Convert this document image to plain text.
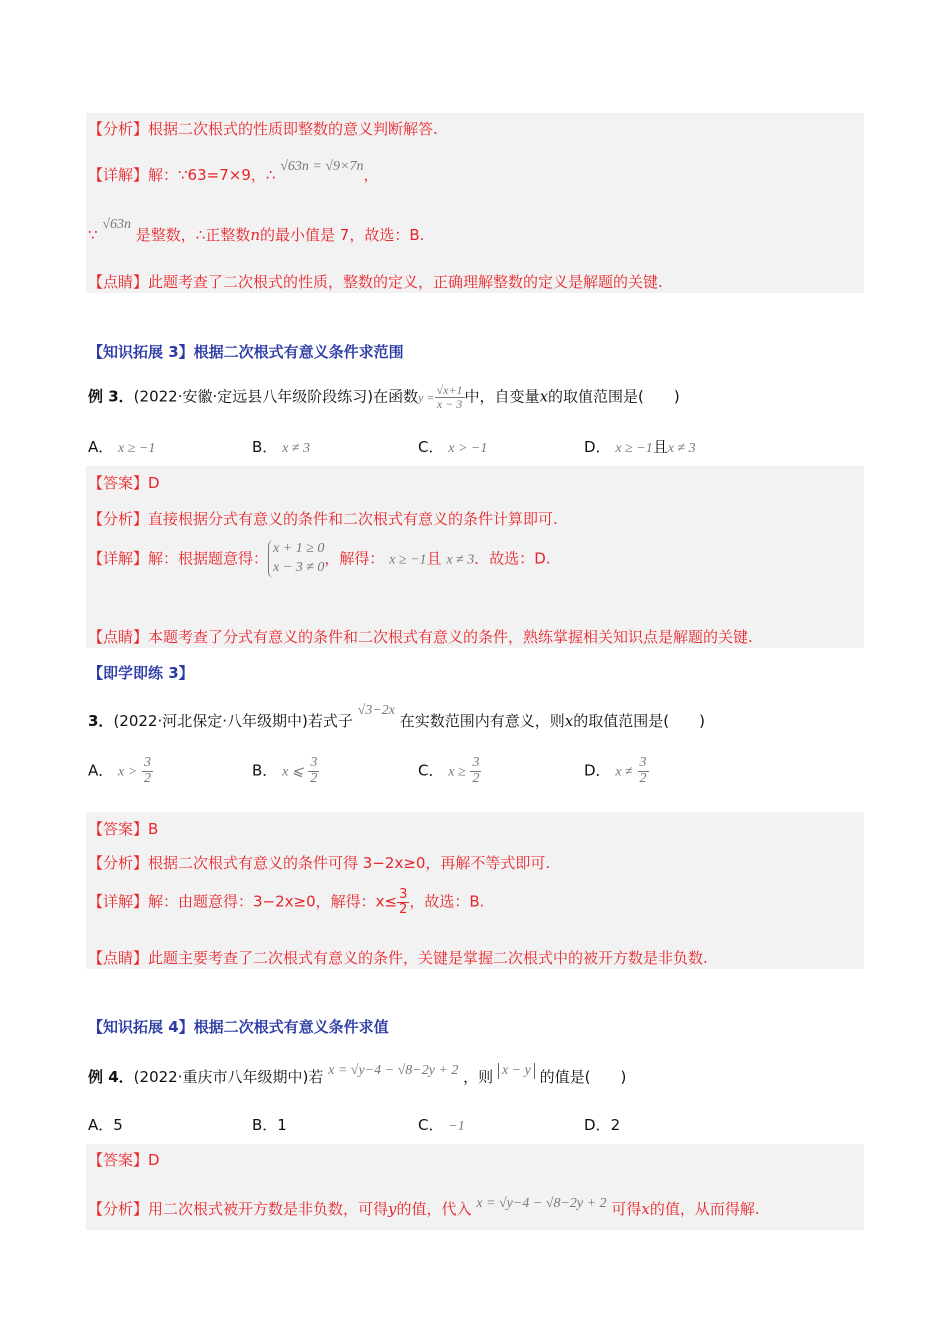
【分析】根据二次根式的性质即整数的意义判断解答.
【详解】解：∵63=7×9，∴ √63n = √9×7n，
∵ √63n 是整数，∴正整数n的最小值是 7，故选：B.
【点睛】此题考查了二次根式的性质，整数的定义，正确理解整数的定义是解题的关键.
【知识拓展 3】根据二次根式有意义条件求范围
例 3．(2022·安徽·定远县八年级阶段练习)在函数$y = \frac{√x+1}{x - 3}$ 中，自变量x的取值范围是(　　)
A． x ≥ −1	B． x ≠ 3	C． x > −1	D． x ≥ −1且x ≠ 3
【答案】D
【分析】直接根据分式有意义的条件和二次根式有意义的条件计算即可.
【详解】解：根据题意得：x + 1 ≥ 0
x − 3 ≠ 0，解得： x ≥ −1且 x ≠ 3．故选：D.
【点睛】本题考查了分式有意义的条件和二次根式有意义的条件，熟练掌握相关知识点是解题的关键.
【即学即练 3】
3．(2022·河北保定·八年级期中)若式子 √3−2x 在实数范围内有意义，则x的取值范围是(　　)
A． $x > \frac{3}{2}$	B． x ⩽ $\frac{3}{2}$	C． $x \ge \frac{3}{2}$	D． $x \ne \frac{3}{2}$
【答案】B
【分析】根据二次根式有意义的条件可得 3−2x≥0，再解不等式即可.
【详解】解：由题意得：3−2x≥0，解得：$x\le \frac{3}{2}$ ，故选：B.
【点睛】此题主要考查了二次根式有意义的条件，关键是掌握二次根式中的被开方数是非负数.
【知识拓展 4】根据二次根式有意义条件求值
例 4．(2022·重庆市八年级期中)若 x = √y−4 − √8−2y + 2 ，则 x − y 的值是(　　)
A．5	B．1	C． −1	D．2
【答案】D
【分析】用二次根式被开方数是非负数，可得y的值，代入 x = √y−4 − √8−2y + 2 可得x的值，从而得解.
